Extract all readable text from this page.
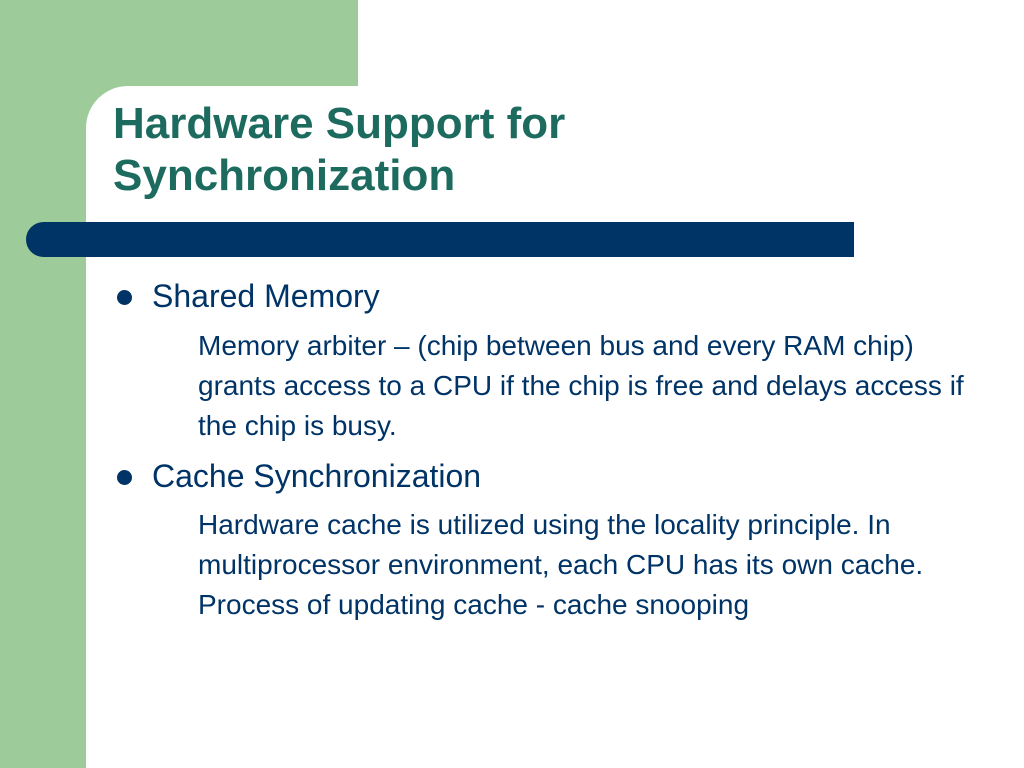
Hardware Support for
Synchronization
Shared Memory
Memory arbiter – (chip between bus and every RAM chip) grants access to a CPU if the chip is free and delays access if the chip is busy.
Cache Synchronization
Hardware cache is utilized using the locality principle. In multiprocessor environment, each CPU has its own cache. Process of updating cache - cache snooping
